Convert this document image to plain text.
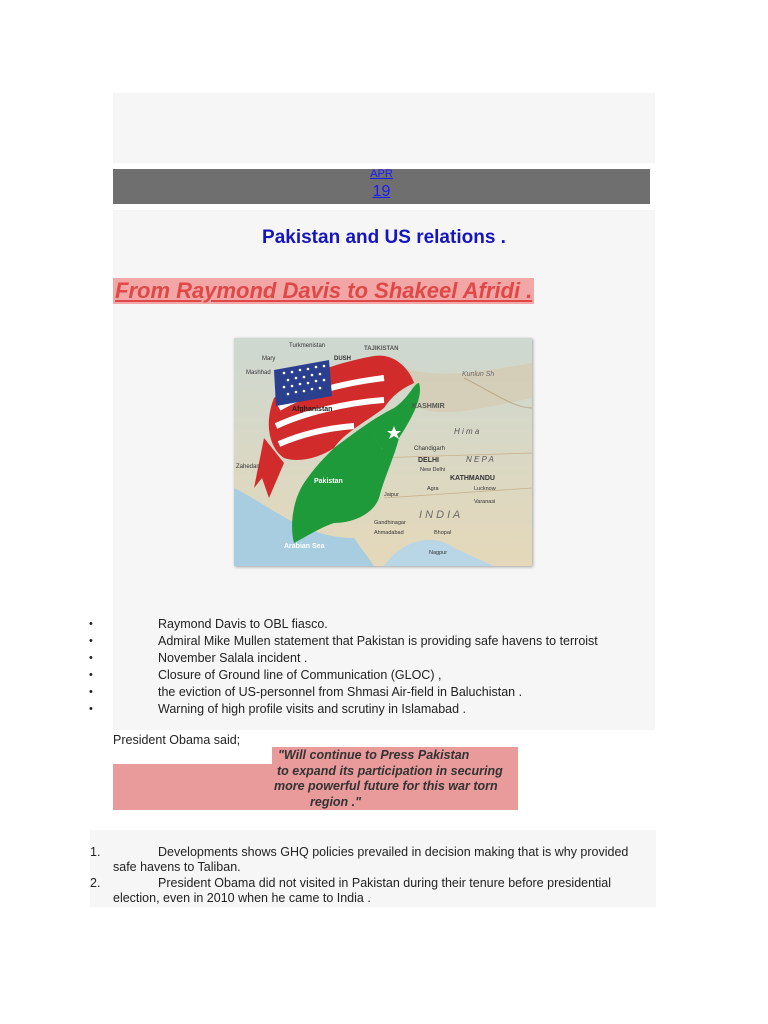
APR
19
Pakistan and US relations .
From Raymond Davis to Shakeel Afridi .
Turkmenistan	TAJIKISTAN
DUSH
Mary
Mashhad	Kunlun Sh
KASHMIR
Afghanistan
H i m a
Chandigarh
DELHI
New Delhi
N E P A
KATHMANDU
Pakistan
Agra	Lucknow
Varanasi
Jaipur
I N D I A
Zahedan
Gandhinagar
Ahmadabad	Bhopal
Nagpur
Arabian Sea
•	Raymond Davis to OBL fiasco.
•	Admiral Mike Mullen statement that Pakistan is providing safe havens to terroist
•	November Salala incident .
•	Closure of Ground line of Communication (GLOC) ,
•	the eviction of US-personnel from Shmasi Air-field in Baluchistan .
•	Warning of high profile visits and scrutiny in Islamabad .
President Obama said;
"Will continue to Press Pakistan
to expand its participation in securing
more powerful future for this war torn
region ."
1.	Developments shows GHQ policies prevailed in decision making that is why provided
safe havens to Taliban.
2.	President Obama did not visited in Pakistan during their tenure before presidential
election, even in 2010 when he came to India .
